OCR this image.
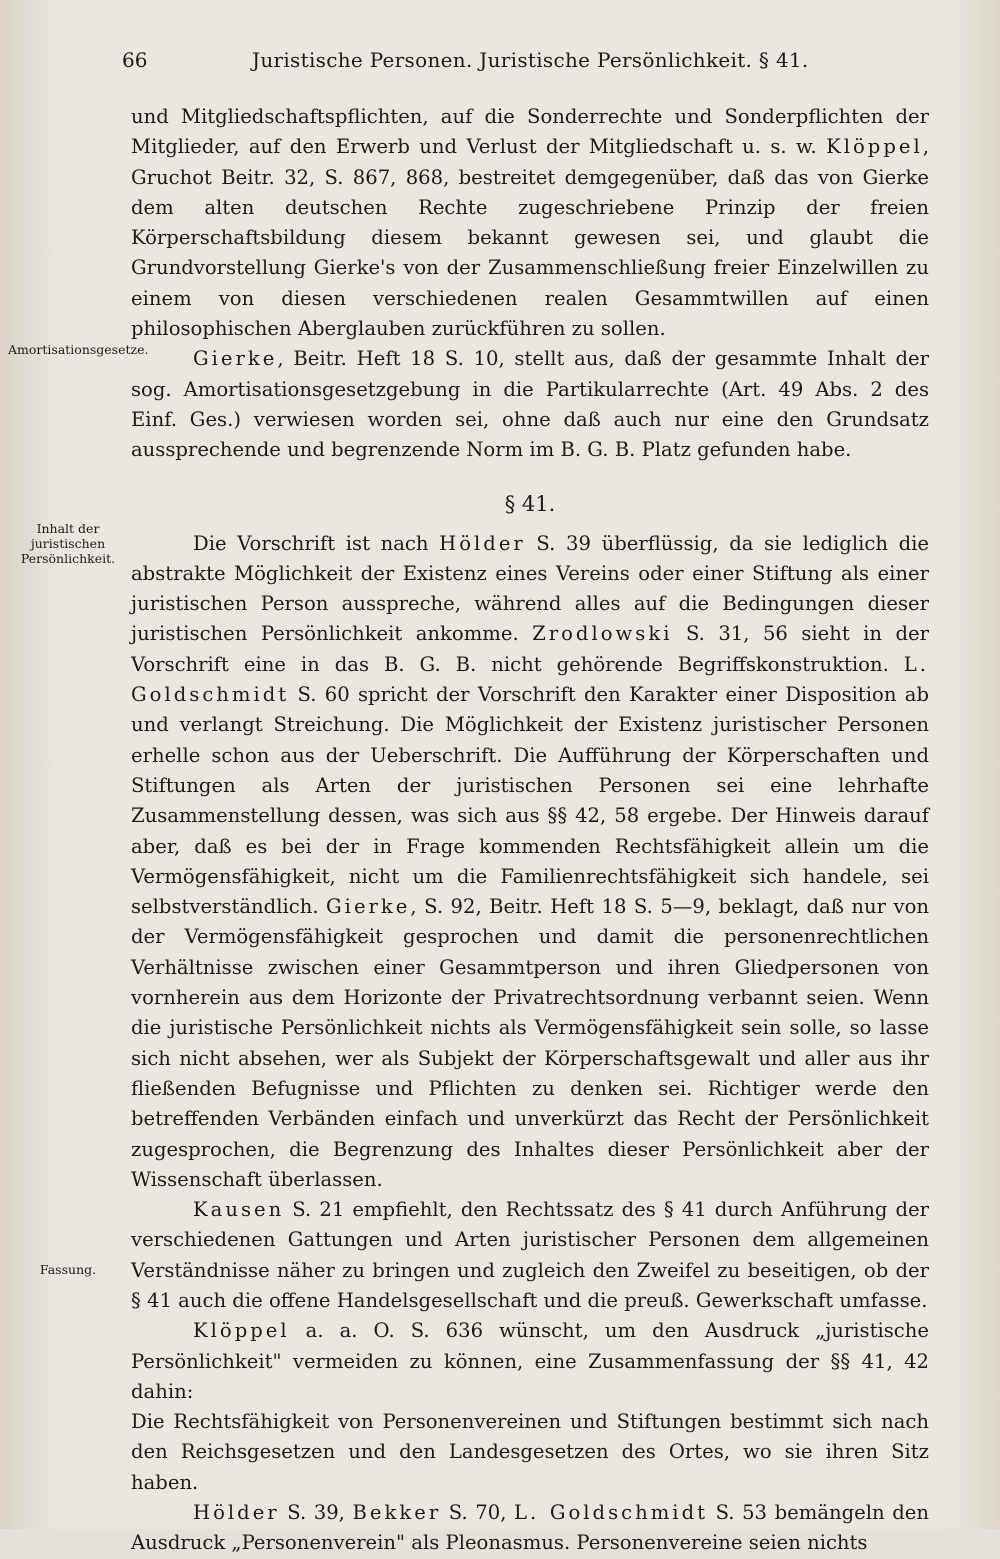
66	Juristische Personen. Juristische Persönlichkeit. § 41.
Amortisationsgesetze.
Inhalt der juristischen Persönlichkeit.
Fassung.

und Mitgliedschaftspflichten, auf die Sonderrechte und Sonderpflichten der Mitglieder, auf den Erwerb und Verlust der Mitgliedschaft u. s. w. Klöppel, Gruchot Beitr. 32, S. 867, 868, bestreitet demgegenüber, daß das von Gierke dem alten deutschen Rechte zugeschriebene Prinzip der freien Körperschaftsbildung diesem bekannt gewesen sei, und glaubt die Grundvorstellung Gierke's von der Zusammenschließung freier Einzelwillen zu einem von diesen verschiedenen realen Gesammtwillen auf einen philosophischen Aberglauben zurückführen zu sollen.

Gierke, Beitr. Heft 18 S. 10, stellt aus, daß der gesammte Inhalt der sog. Amortisationsgesetzgebung in die Partikularrechte (Art. 49 Abs. 2 des Einf. Ges.) verwiesen worden sei, ohne daß auch nur eine den Grundsatz aussprechende und begrenzende Norm im B. G. B. Platz gefunden habe.

§ 41.

Die Vorschrift ist nach Hölder S. 39 überflüssig, da sie lediglich die abstrakte Möglichkeit der Existenz eines Vereins oder einer Stiftung als einer juristischen Person ausspreche, während alles auf die Bedingungen dieser juristischen Persönlichkeit ankomme. Zrodlowski S. 31, 56 sieht in der Vorschrift eine in das B. G. B. nicht gehörende Begriffskonstruktion. L. Goldschmidt S. 60 spricht der Vorschrift den Karakter einer Disposition ab und verlangt Streichung. Die Möglichkeit der Existenz juristischer Personen erhelle schon aus der Ueberschrift. Die Aufführung der Körperschaften und Stiftungen als Arten der juristischen Personen sei eine lehrhafte Zusammenstellung dessen, was sich aus §§ 42, 58 ergebe. Der Hinweis darauf aber, daß es bei der in Frage kommenden Rechtsfähigkeit allein um die Vermögensfähigkeit, nicht um die Familienrechtsfähigkeit sich handele, sei selbstverständlich. Gierke, S. 92, Beitr. Heft 18 S. 5—9, beklagt, daß nur von der Vermögensfähigkeit gesprochen und damit die personenrechtlichen Verhältnisse zwischen einer Gesammtperson und ihren Gliedpersonen von vornherein aus dem Horizonte der Privatrechtsordnung verbannt seien. Wenn die juristische Persönlichkeit nichts als Vermögensfähigkeit sein solle, so lasse sich nicht absehen, wer als Subjekt der Körperschaftsgewalt und aller aus ihr fließenden Befugnisse und Pflichten zu denken sei. Richtiger werde den betreffenden Verbänden einfach und unverkürzt das Recht der Persönlichkeit zugesprochen, die Begrenzung des Inhaltes dieser Persönlichkeit aber der Wissenschaft überlassen.

Kausen S. 21 empfiehlt, den Rechtssatz des § 41 durch Anführung der verschiedenen Gattungen und Arten juristischer Personen dem allgemeinen Verständnisse näher zu bringen und zugleich den Zweifel zu beseitigen, ob der § 41 auch die offene Handelsgesellschaft und die preuß. Gewerkschaft umfasse.

Klöppel a. a. O. S. 636 wünscht, um den Ausdruck „juristische Persönlichkeit" vermeiden zu können, eine Zusammenfassung der §§ 41, 42 dahin:

Die Rechtsfähigkeit von Personenvereinen und Stiftungen bestimmt sich nach den Reichsgesetzen und den Landesgesetzen des Ortes, wo sie ihren Sitz haben.

Hölder S. 39, Bekker S. 70, L. Goldschmidt S. 53 bemängeln den Ausdruck „Personenverein" als Pleonasmus. Personenvereine seien nichts
